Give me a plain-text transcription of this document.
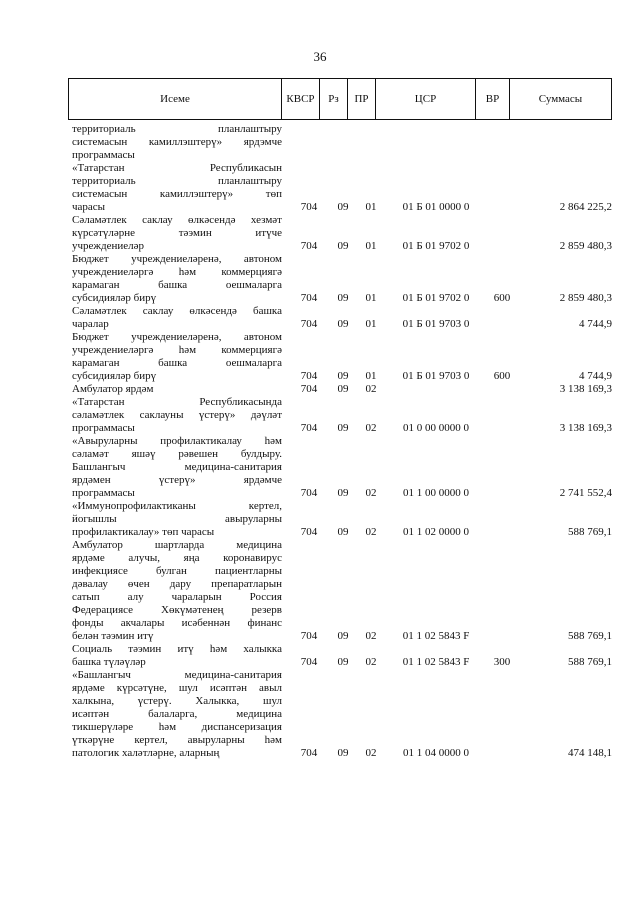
36
Исеме	КВСР	Рз	ПР	ЦСР	ВР	Суммасы
территориаль планлаштыру
системасын камиллэштерү» ярдэмче
программасы
«Татарстан Республикасын
территориаль планлаштыру
системасын камиллэштерү» төп
чарасы	704	09	01	01 Б 01 0000 0	2 864 225,2
Сәламәтлек саклау өлкәсендә хезмәт
күрсәтүләрне тәэмин итүче
учреждениеләр	704	09	01	01 Б 01 9702 0	2 859 480,3
Бюджет учреждениеләренә, автоном
учреждениеләргә һәм коммерциягә
карамаган башка оешмаларга
субсидияләр бирү	704	09	01	01 Б 01 9702 0	600	2 859 480,3
Сәламәтлек саклау өлкәсендә башка
чаралар	704	09	01	01 Б 01 9703 0	4 744,9
Бюджет учреждениеләренә, автоном
учреждениеләргә һәм коммерциягә
карамаган башка оешмаларга
субсидияләр бирү	704	09	01	01 Б 01 9703 0	600	4 744,9
Амбулатор ярдәм	704	09	02	3 138 169,3
«Татарстан Республикасында
сәламәтлек саклауны үстерү» дәүләт
программасы	704	09	02	01 0 00 0000 0	3 138 169,3
«Авыруларны профилактикалау һәм
сәламәт яшәү рәвешен булдыру.
Башлангыч медицина-санитария
ярдәмен үстерү» ярдәмче
программасы	704	09	02	01 1 00 0000 0	2 741 552,4
«Иммунопрофилактиканы кертел,
йогышлы авыруларны
профилактикалау» төп чарасы	704	09	02	01 1 02 0000 0	588 769,1
Амбулатор шартларда медицина
ярдәме алучы, яңа коронавирус
инфекциясе булган пациентларны
дәвалау өчен дару препаратларын
сатып алу чараларын Россия
Федерациясе Хөкүмәтенең резерв
фонды акчалары исәбеннән финанс
белән тәэмин итү	704	09	02	01 1 02 5843 F	588 769,1
Социаль тәэмин итү һәм халыкка
башка түләүләр	704	09	02	01 1 02 5843 F	300	588 769,1
«Башлангыч медицина-санитария
ярдәме күрсәтүне, шул исәптән авыл
халкына, үстерү. Халыкка, шул
исәптән балаларга, медицина
тикшерүләре һәм диспансеризация
үткәрүне кертел, авыруларны һәм
патологик халәтләрне, аларның	704	09	02	01 1 04 0000 0	474 148,1
